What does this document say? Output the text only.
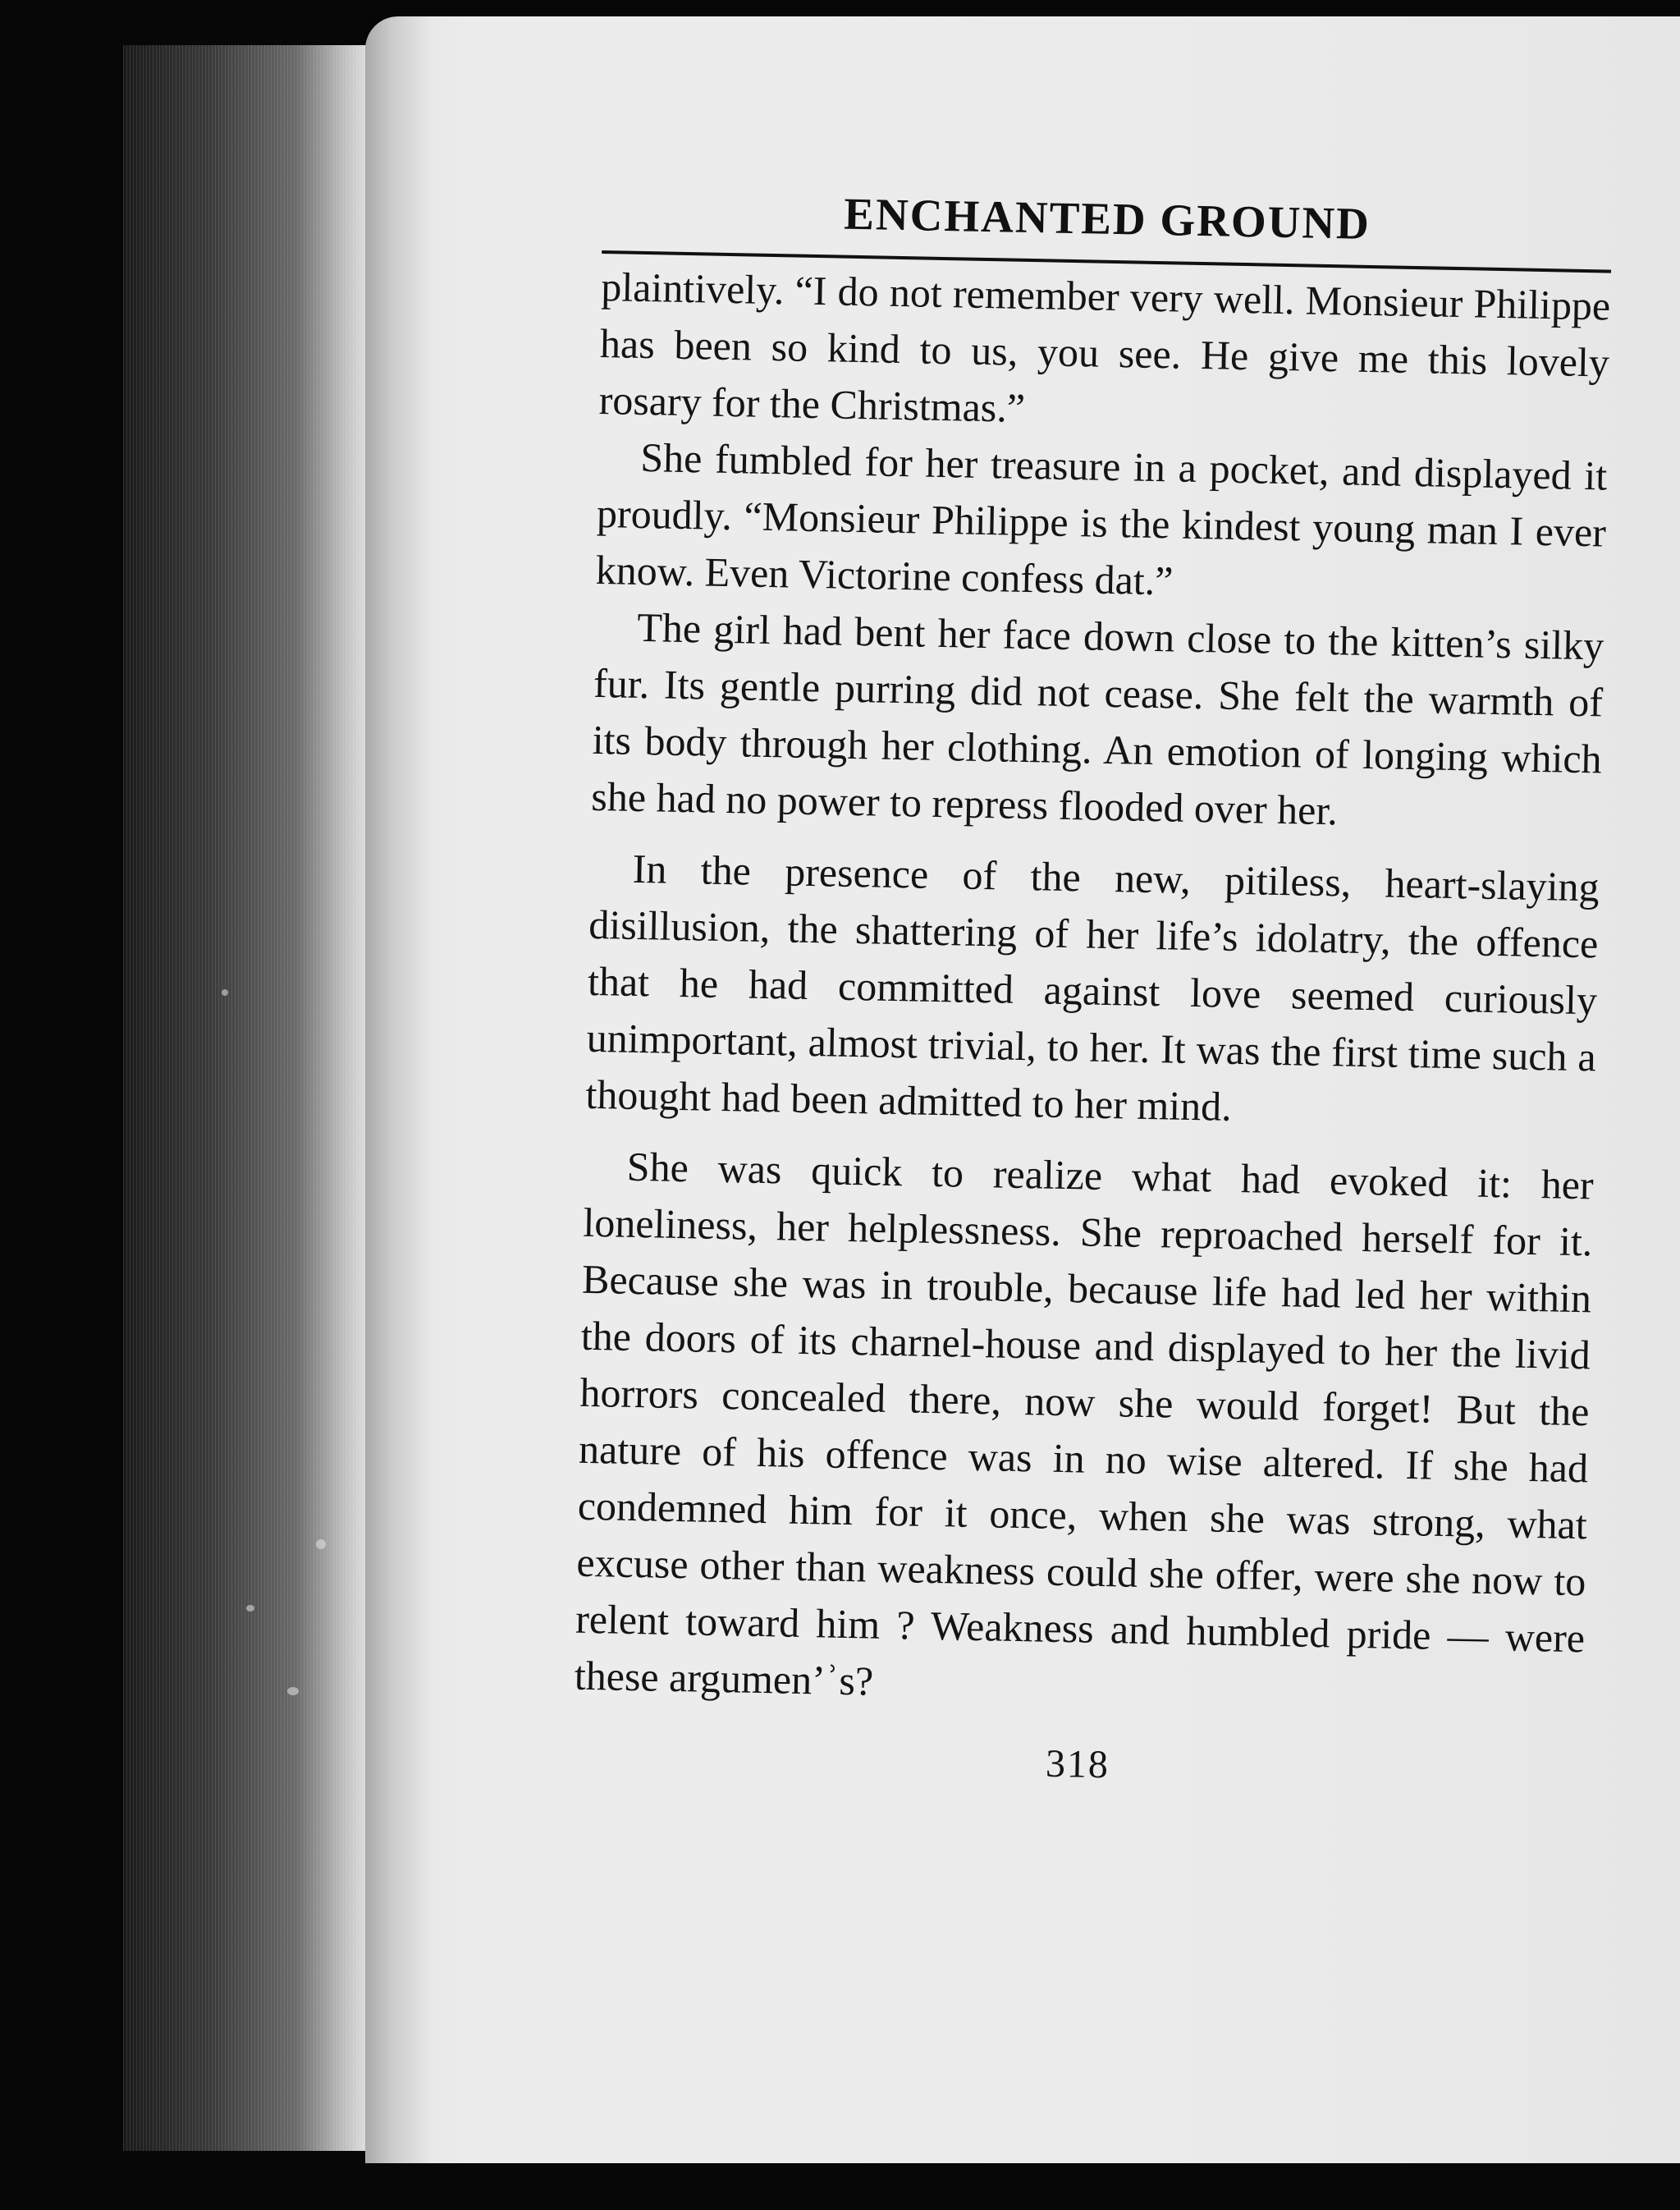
ENCHANTED GROUND

plaintively. “I do not remember very well. Monsieur Philippe has been so kind to us, you see. He give me this lovely rosary for the Christmas.”

She fumbled for her treasure in a pocket, and displayed it proudly. “Monsieur Philippe is the kindest young man I ever know. Even Victorine confess dat.”

The girl had bent her face down close to the kitten’s silky fur. Its gentle purring did not cease. She felt the warmth of its body through her clothing. An emotion of longing which she had no power to repress flooded over her.

In the presence of the new, pitiless, heart-slaying disillusion, the shattering of her life’s idolatry, the offence that he had committed against love seemed curiously unimportant, almost trivial, to her. It was the first time such a thought had been admitted to her mind.

She was quick to realize what had evoked it: her loneliness, her helplessness. She reproached herself for it. Because she was in trouble, because life had led her within the doors of its charnel-house and displayed to her the livid horrors concealed there, now she would forget! But the nature of his offence was in no wise altered. If she had condemned him for it once, when she was strong, what excuse other than weakness could she offer, were she now to relent toward him ? Weakness and humbled pride — were these argumen’ʾs?

318
